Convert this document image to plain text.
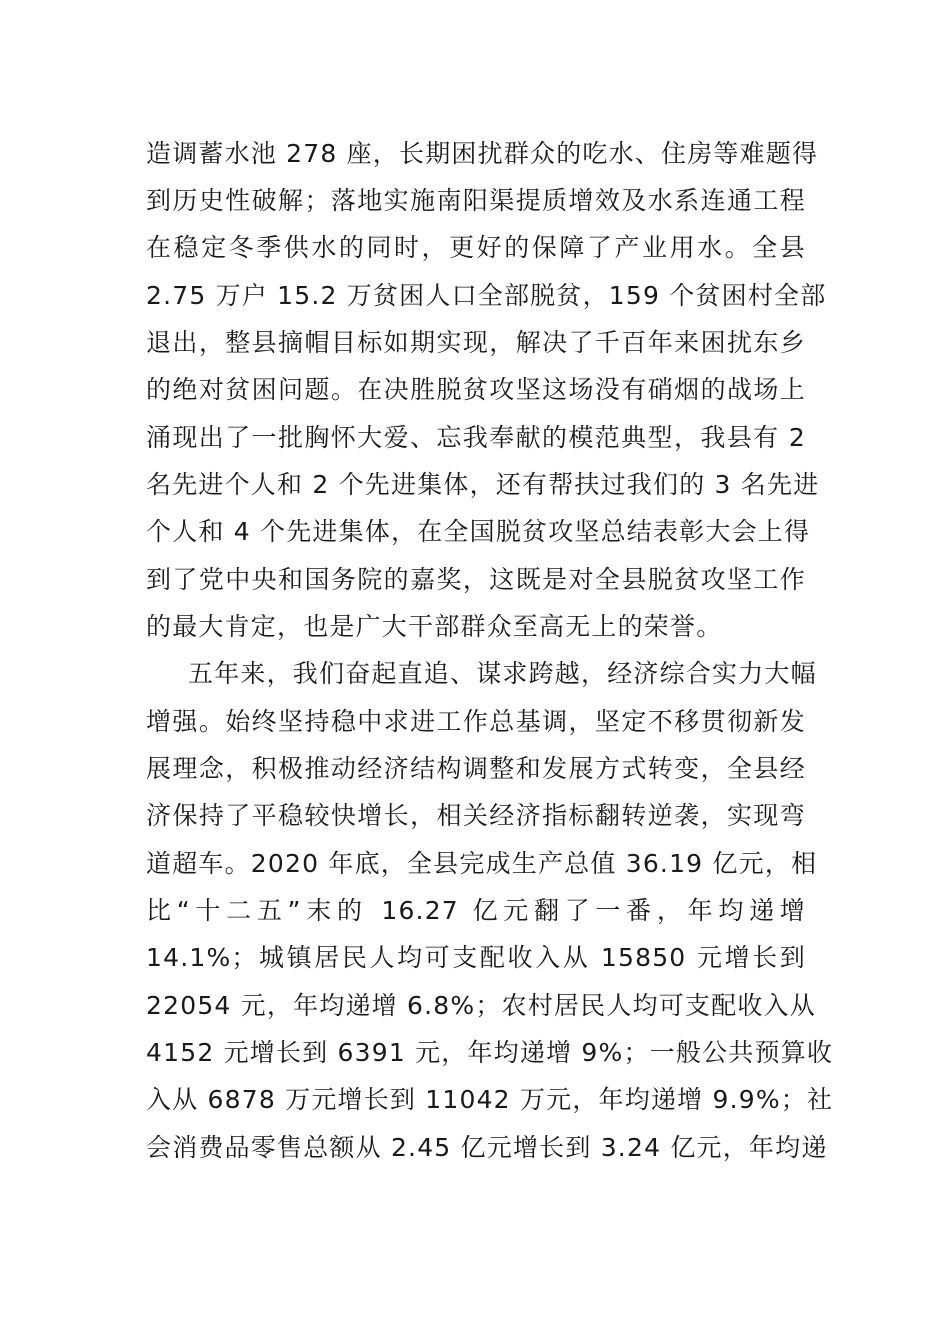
造调蓄水池 278 座，长期困扰群众的吃水、住房等难题得
到历史性破解；落地实施南阳渠提质增效及水系连通工程
在稳定冬季供水的同时，更好的保障了产业用水。全县
2.75 万户 15.2 万贫困人口全部脱贫，159 个贫困村全部
退出，整县摘帽目标如期实现，解决了千百年来困扰东乡
的绝对贫困问题。在决胜脱贫攻坚这场没有硝烟的战场上
涌现出了一批胸怀大爱、忘我奉献的模范典型，我县有 2
名先进个人和 2 个先进集体，还有帮扶过我们的 3 名先进
个人和 4 个先进集体，在全国脱贫攻坚总结表彰大会上得
到了党中央和国务院的嘉奖，这既是对全县脱贫攻坚工作
的最大肯定，也是广大干部群众至高无上的荣誉。
五年来，我们奋起直追、谋求跨越，经济综合实力大幅
增强。始终坚持稳中求进工作总基调，坚定不移贯彻新发
展理念，积极推动经济结构调整和发展方式转变，全县经
济保持了平稳较快增长，相关经济指标翻转逆袭，实现弯
道超车。2020 年底，全县完成生产总值 36.19 亿元，相
比“十二五”末的 16.27 亿元翻了一番，年均递增
14.1%；城镇居民人均可支配收入从 15850 元增长到
22054 元，年均递增 6.8%；农村居民人均可支配收入从
4152 元增长到 6391 元，年均递增 9%；一般公共预算收
入从 6878 万元增长到 11042 万元，年均递增 9.9%；社
会消费品零售总额从 2.45 亿元增长到 3.24 亿元，年均递
